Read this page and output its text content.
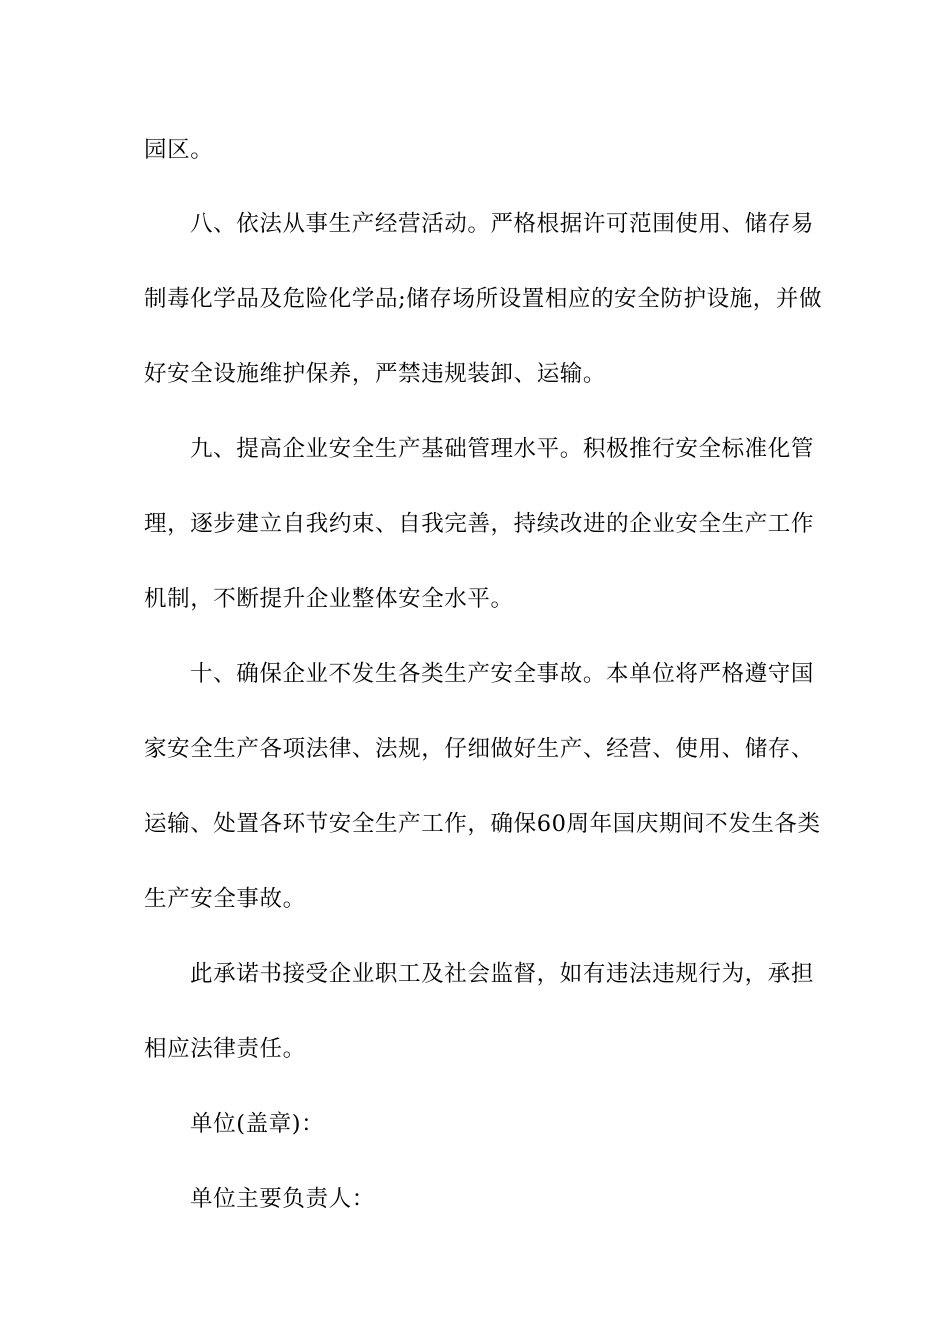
园区。
八、依法从事生产经营活动。严格根据许可范围使用、储存易
制毒化学品及危险化学品;储存场所设置相应的安全防护设施，并做
好安全设施维护保养，严禁违规装卸、运输。
九、提高企业安全生产基础管理水平。积极推行安全标准化管
理，逐步建立自我约束、自我完善，持续改进的企业安全生产工作
机制，不断提升企业整体安全水平。
十、确保企业不发生各类生产安全事故。本单位将严格遵守国
家安全生产各项法律、法规，仔细做好生产、经营、使用、储存、
运输、处置各环节安全生产工作，确保60周年国庆期间不发生各类
生产安全事故。
此承诺书接受企业职工及社会监督，如有违法违规行为，承担
相应法律责任。
单位(盖章)：
单位主要负责人：
